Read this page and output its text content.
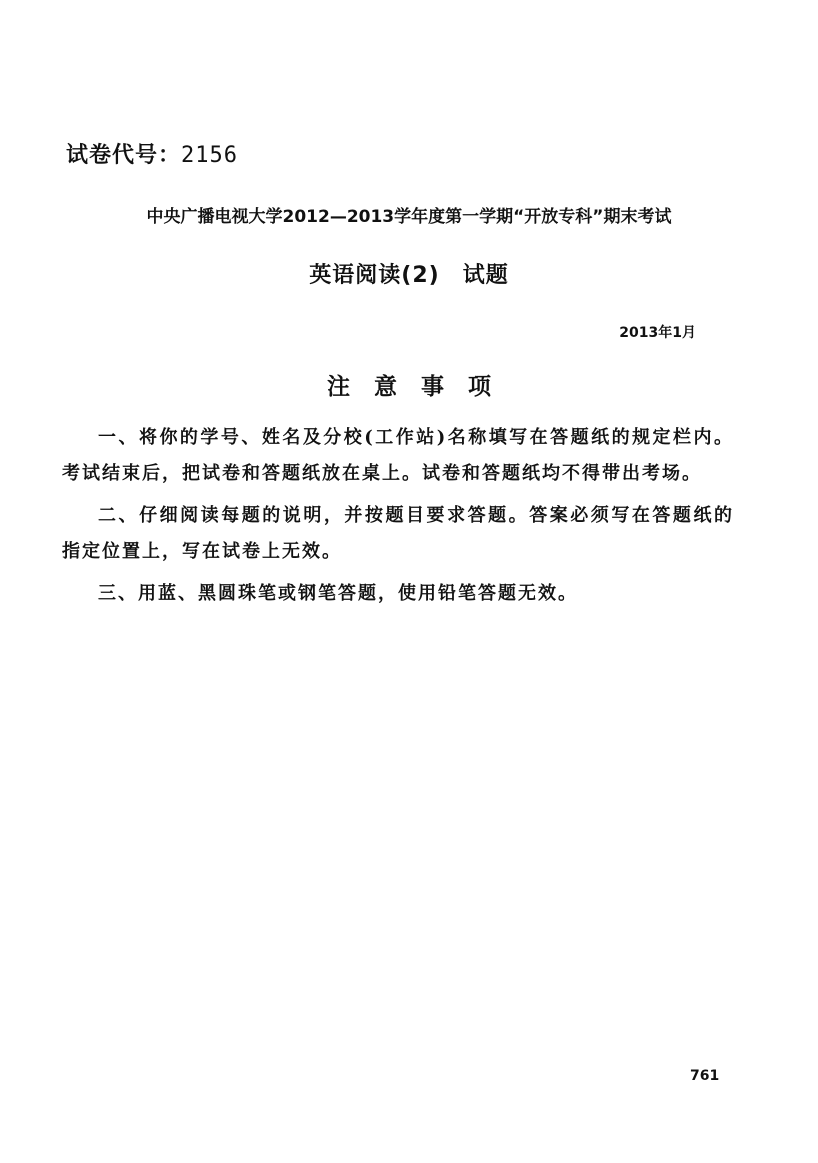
试卷代号：2156
中央广播电视大学2012—2013学年度第一学期“开放专科”期末考试
英语阅读(2)　试题
2013年1月
注意事项

一、将你的学号、姓名及分校(工作站)名称填写在答题纸的规定栏内。考试结束后，把试卷和答题纸放在桌上。试卷和答题纸均不得带出考场。

二、仔细阅读每题的说明，并按题目要求答题。答案必须写在答题纸的指定位置上，写在试卷上无效。

三、用蓝、黑圆珠笔或钢笔答题，使用铅笔答题无效。

761
